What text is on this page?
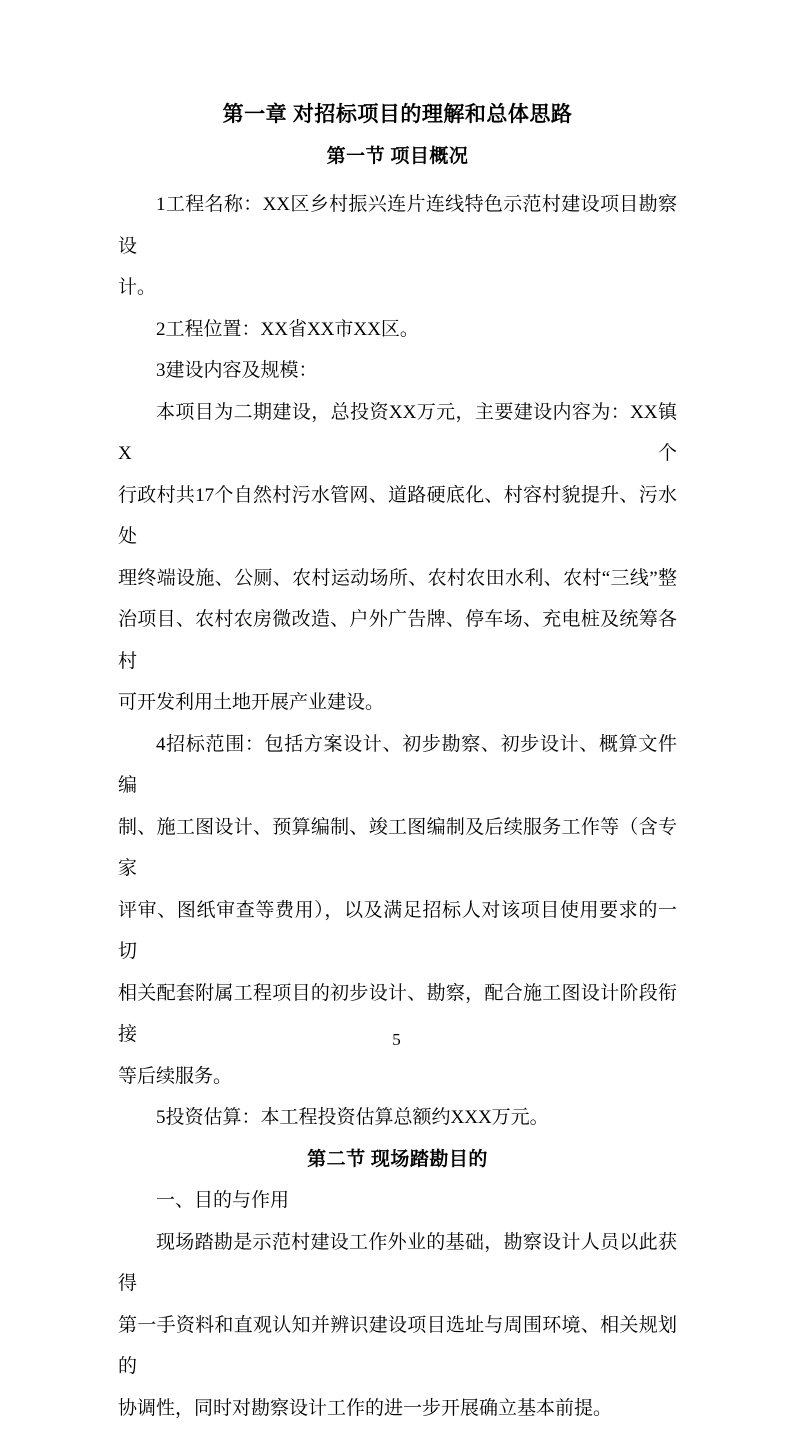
第一章 对招标项目的理解和总体思路
第一节 项目概况
1工程名称：XX区乡村振兴连片连线特色示范村建设项目勘察设
计。
2工程位置：XX省XX市XX区。
3建设内容及规模：
本项目为二期建设，总投资XX万元，主要建设内容为：XX镇X个
行政村共17个自然村污水管网、道路硬底化、村容村貌提升、污水处
理终端设施、公厕、农村运动场所、农村农田水利、农村“三线”整
治项目、农村农房微改造、户外广告牌、停车场、充电桩及统筹各村
可开发利用土地开展产业建设。
4招标范围：包括方案设计、初步勘察、初步设计、概算文件编
制、施工图设计、预算编制、竣工图编制及后续服务工作等（含专家
评审、图纸审查等费用），以及满足招标人对该项目使用要求的一切
相关配套附属工程项目的初步设计、勘察，配合施工图设计阶段衔接
等后续服务。
5投资估算：本工程投资估算总额约XXX万元。
第二节 现场踏勘目的
一、目的与作用
现场踏勘是示范村建设工作外业的基础，勘察设计人员以此获得
第一手资料和直观认知并辨识建设项目选址与周围环境、相关规划的
协调性，同时对勘察设计工作的进一步开展确立基本前提。
5
